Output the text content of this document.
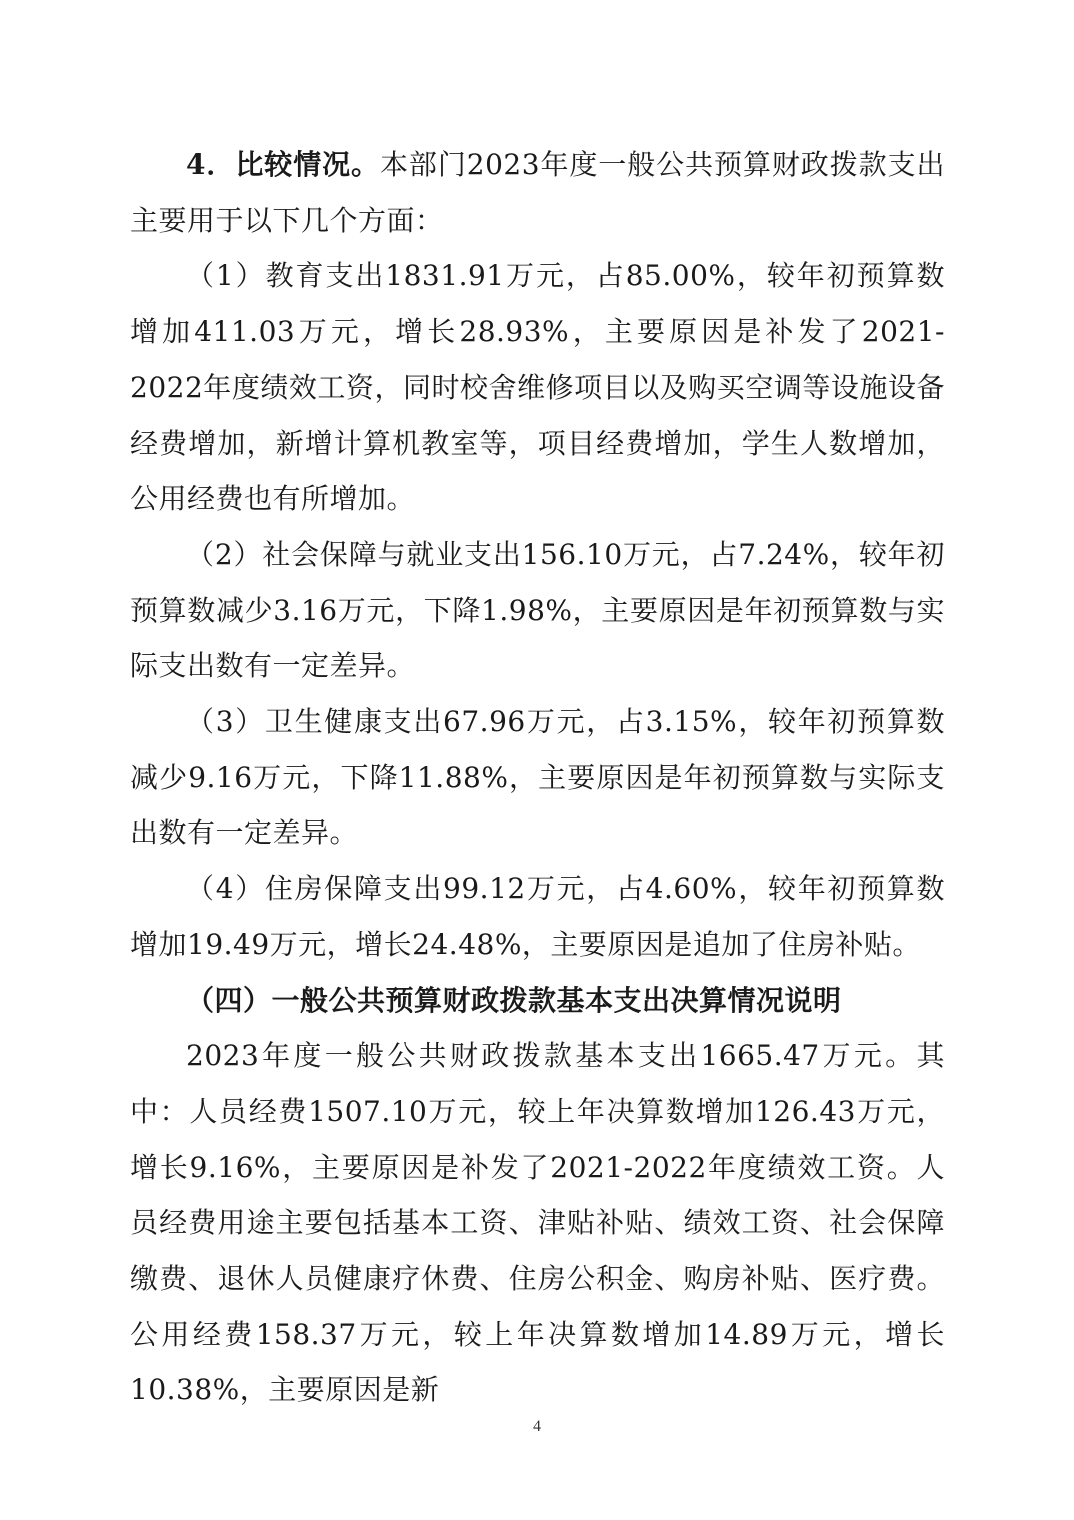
4．比较情况。本部门2023年度一般公共预算财政拨款支出主要用于以下几个方面：

（1）教育支出1831.91万元，占85.00%，较年初预算数增加411.03万元，增长28.93%，主要原因是补发了2021-2022年度绩效工资，同时校舍维修项目以及购买空调等设施设备经费增加，新增计算机教室等，项目经费增加，学生人数增加，公用经费也有所增加。

（2）社会保障与就业支出156.10万元，占7.24%，较年初预算数减少3.16万元，下降1.98%，主要原因是年初预算数与实际支出数有一定差异。

（3）卫生健康支出67.96万元，占3.15%，较年初预算数减少9.16万元，下降11.88%，主要原因是年初预算数与实际支出数有一定差异。

（4）住房保障支出99.12万元，占4.60%，较年初预算数增加19.49万元，增长24.48%，主要原因是追加了住房补贴。

（四）一般公共预算财政拨款基本支出决算情况说明

2023年度一般公共财政拨款基本支出1665.47万元。其中：人员经费1507.10万元，较上年决算数增加126.43万元，增长9.16%，主要原因是补发了2021-2022年度绩效工资。人员经费用途主要包括基本工资、津贴补贴、绩效工资、社会保障缴费、退休人员健康疗休费、住房公积金、购房补贴、医疗费。公用经费158.37万元，较上年决算数增加14.89万元，增长10.38%，主要原因是新

4
